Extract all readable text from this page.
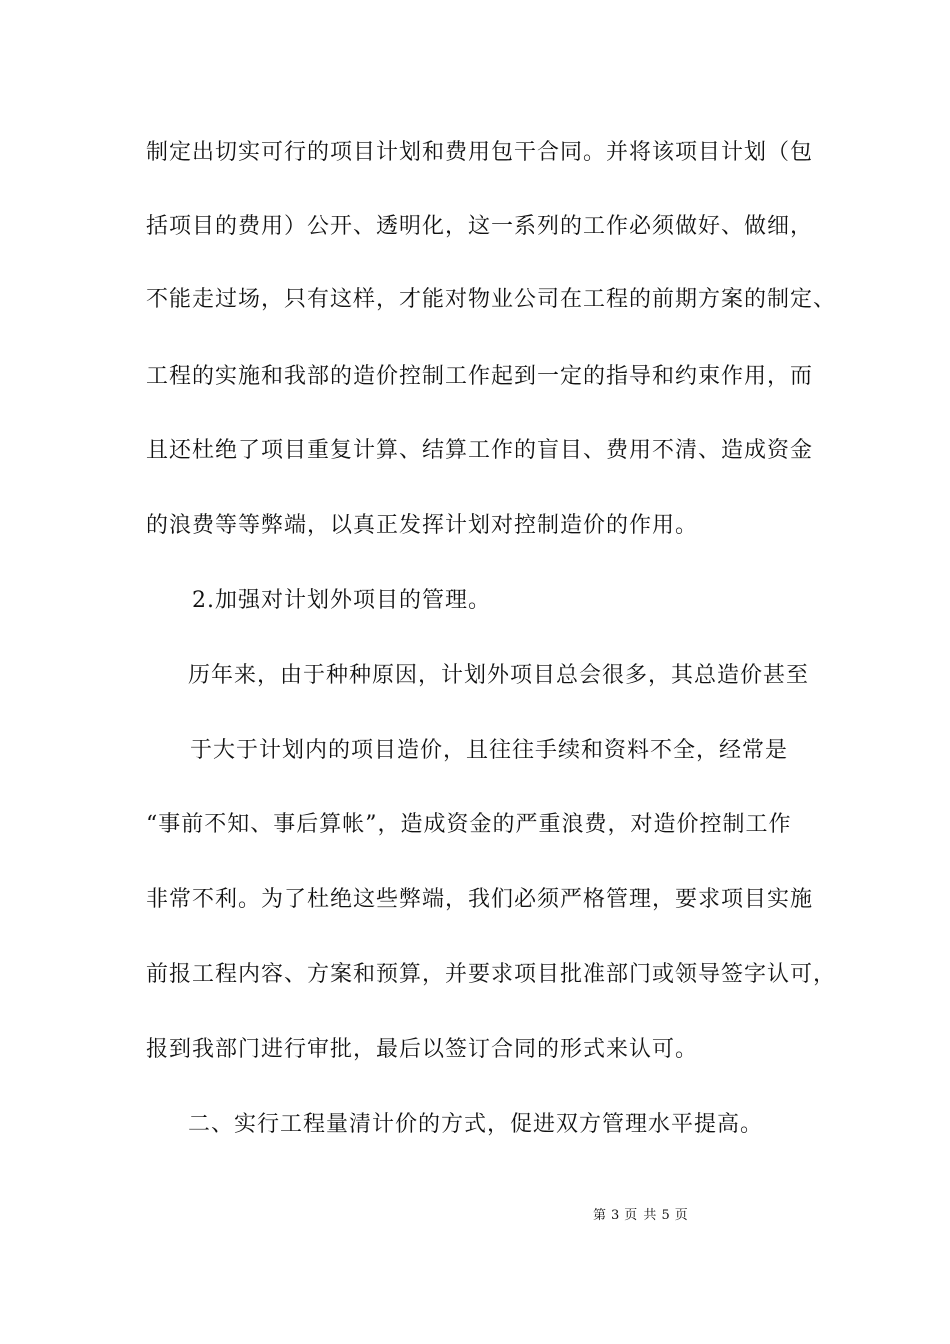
制定出切实可行的项目计划和费用包干合同。并将该项目计划（包
括项目的费用）公开、透明化，这一系列的工作必须做好、做细，
不能走过场，只有这样，才能对物业公司在工程的前期方案的制定、
工程的实施和我部的造价控制工作起到一定的指导和约束作用，而
且还杜绝了项目重复计算、结算工作的盲目、费用不清、造成资金
的浪费等等弊端，以真正发挥计划对控制造价的作用。
2.加强对计划外项目的管理。
历年来，由于种种原因，计划外项目总会很多，其总造价甚至
于大于计划内的项目造价，且往往手续和资料不全，经常是
“事前不知、事后算帐”，造成资金的严重浪费，对造价控制工作
非常不利。为了杜绝这些弊端，我们必须严格管理，要求项目实施
前报工程内容、方案和预算，并要求项目批准部门或领导签字认可，
报到我部门进行审批，最后以签订合同的形式来认可。
二、实行工程量清计价的方式，促进双方管理水平提高。
第 3 页 共 5 页
